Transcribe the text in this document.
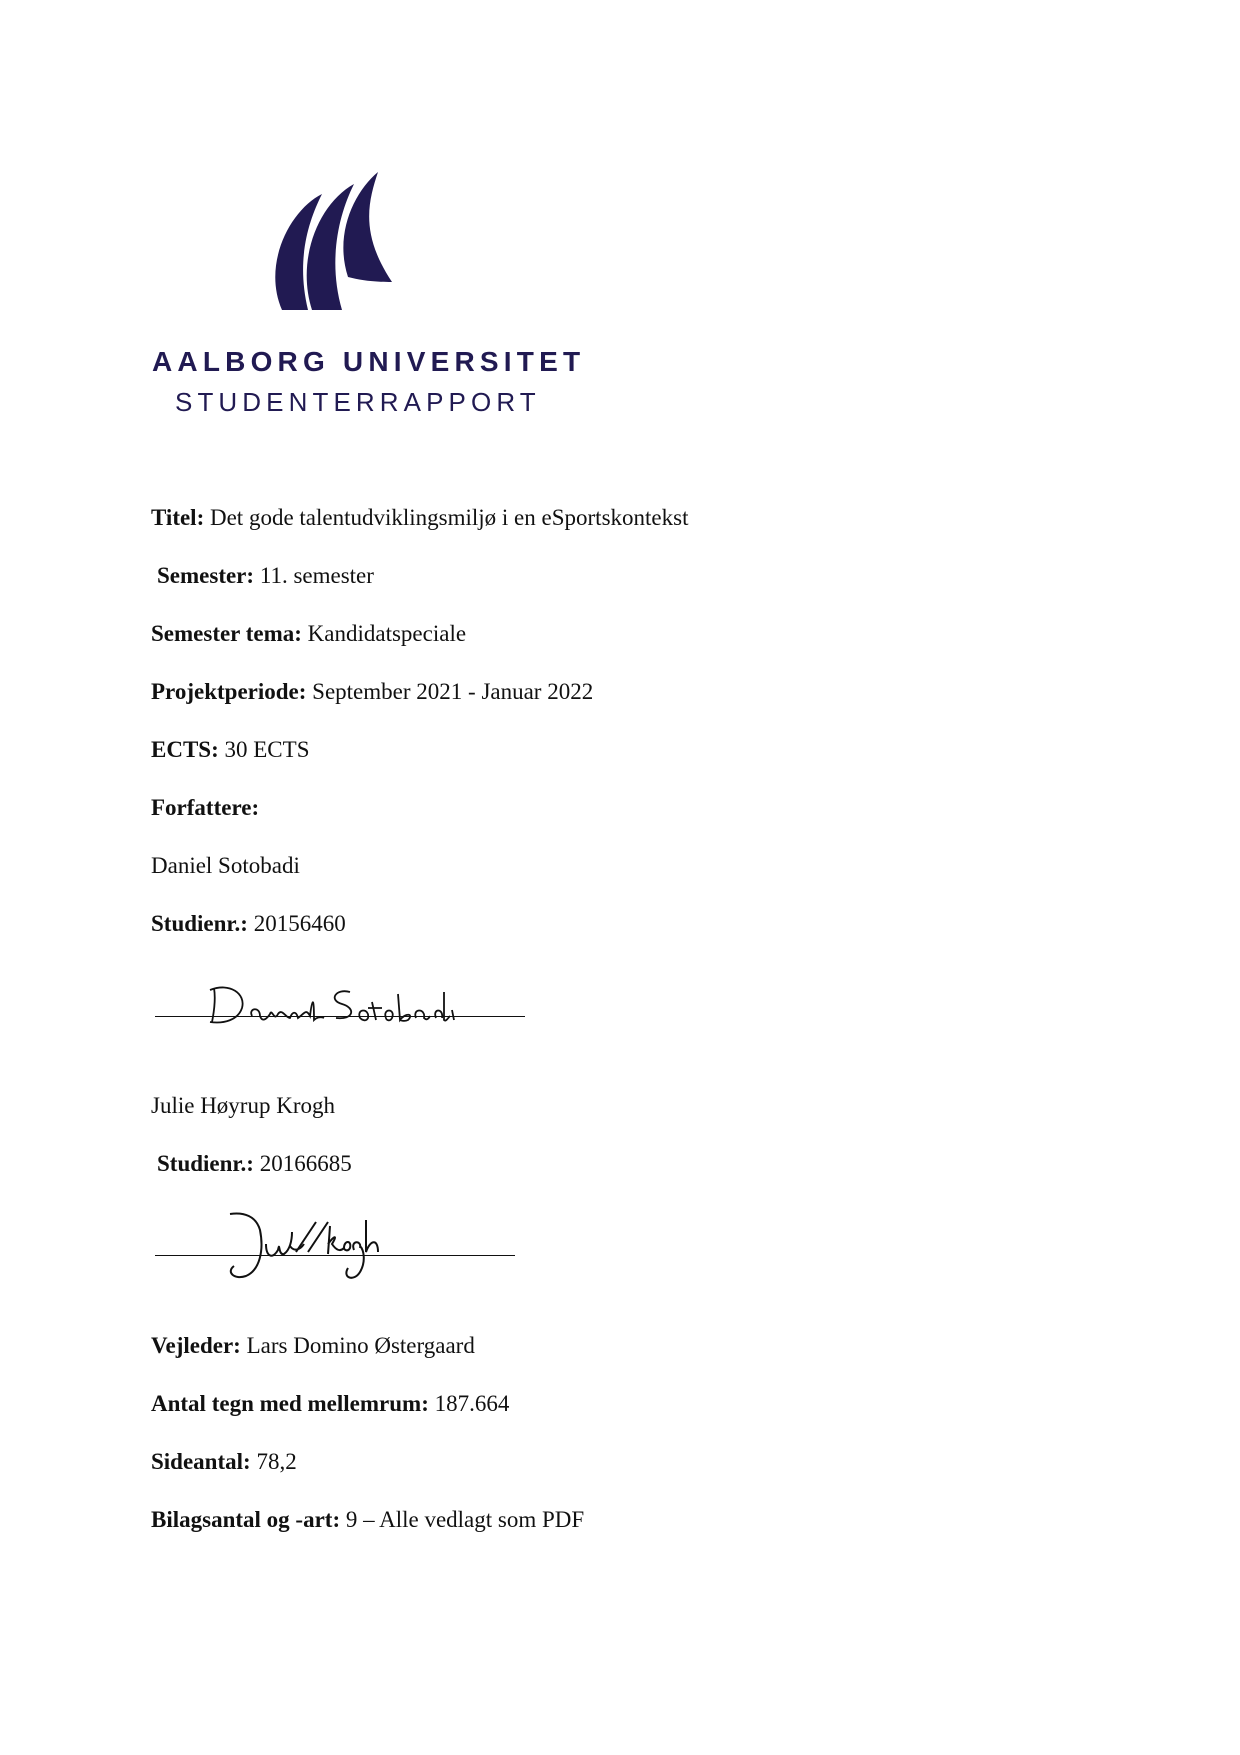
AALBORG UNIVERSITET
STUDENTERRAPPORT
Titel: Det gode talentudviklingsmiljø i en eSportskontekst
Semester: 11. semester
Semester tema: Kandidatspeciale
Projektperiode: September 2021 - Januar 2022
ECTS: 30 ECTS
Forfattere:
Daniel Sotobadi
Studienr.: 20156460
Julie Høyrup Krogh
Studienr.: 20166685
Vejleder: Lars Domino Østergaard
Antal tegn med mellemrum: 187.664
Sideantal: 78,2
Bilagsantal og -art: 9 – Alle vedlagt som PDF
